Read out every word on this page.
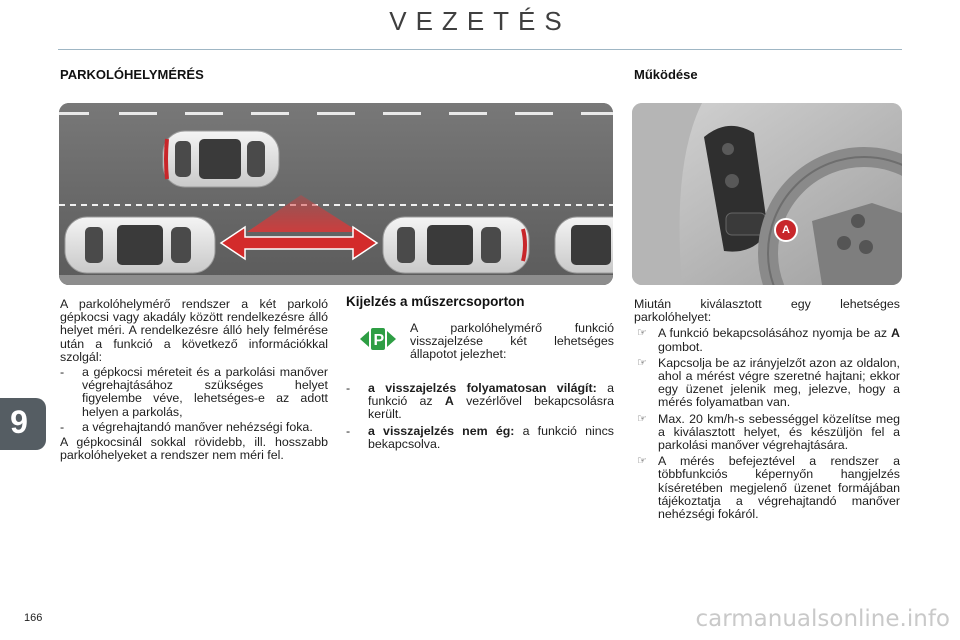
VEZETÉS
PARKOLÓHELYMÉRÉS	Működése
A
A parkolóhelymérő rendszer a két parkoló gépkocsi vagy akadály között rendelkezésre álló helyet méri. A rendelkezésre álló hely felmérése után a funkció a következő információkkal szolgál:
- a gépkocsi méreteit és a parkolási manőver végrehajtásához szükséges helyet figyelembe véve, lehetséges-e az adott helyen a parkolás,
- a végrehajtandó manőver nehézségi foka.
A gépkocsinál sokkal rövidebb, ill. hosszabb parkolóhelyeket a rendszer nem méri fel.
Kijelzés a műszercsoporton
P
A parkolóhelymérő funkció visszajelzése két lehetséges állapotot jelezhet:
- a visszajelzés folyamatosan világít: a funkció az A vezérlővel bekapcsolásra került.
- a visszajelzés nem ég: a funkció nincs bekapcsolva.
Miután kiválasztott egy lehetséges parkolóhelyet:
☞ A funkció bekapcsolásához nyomja be az A gombot.
☞ Kapcsolja be az irányjelzőt azon az oldalon, ahol a mérést végre szeretné hajtani; ekkor egy üzenet jelenik meg, jelezve, hogy a mérés folyamatban van.
☞ Max. 20 km/h-s sebességgel közelítse meg a kiválasztott helyet, és készüljön fel a parkolási manőver végrehajtására.
☞ A mérés befejeztével a rendszer a többfunkciós képernyőn hangjelzés kíséretében megjelenő üzenet formájában tájékoztatja a végrehajtandó manőver nehézségi fokáról.
9
166	carmanualsonline.info
